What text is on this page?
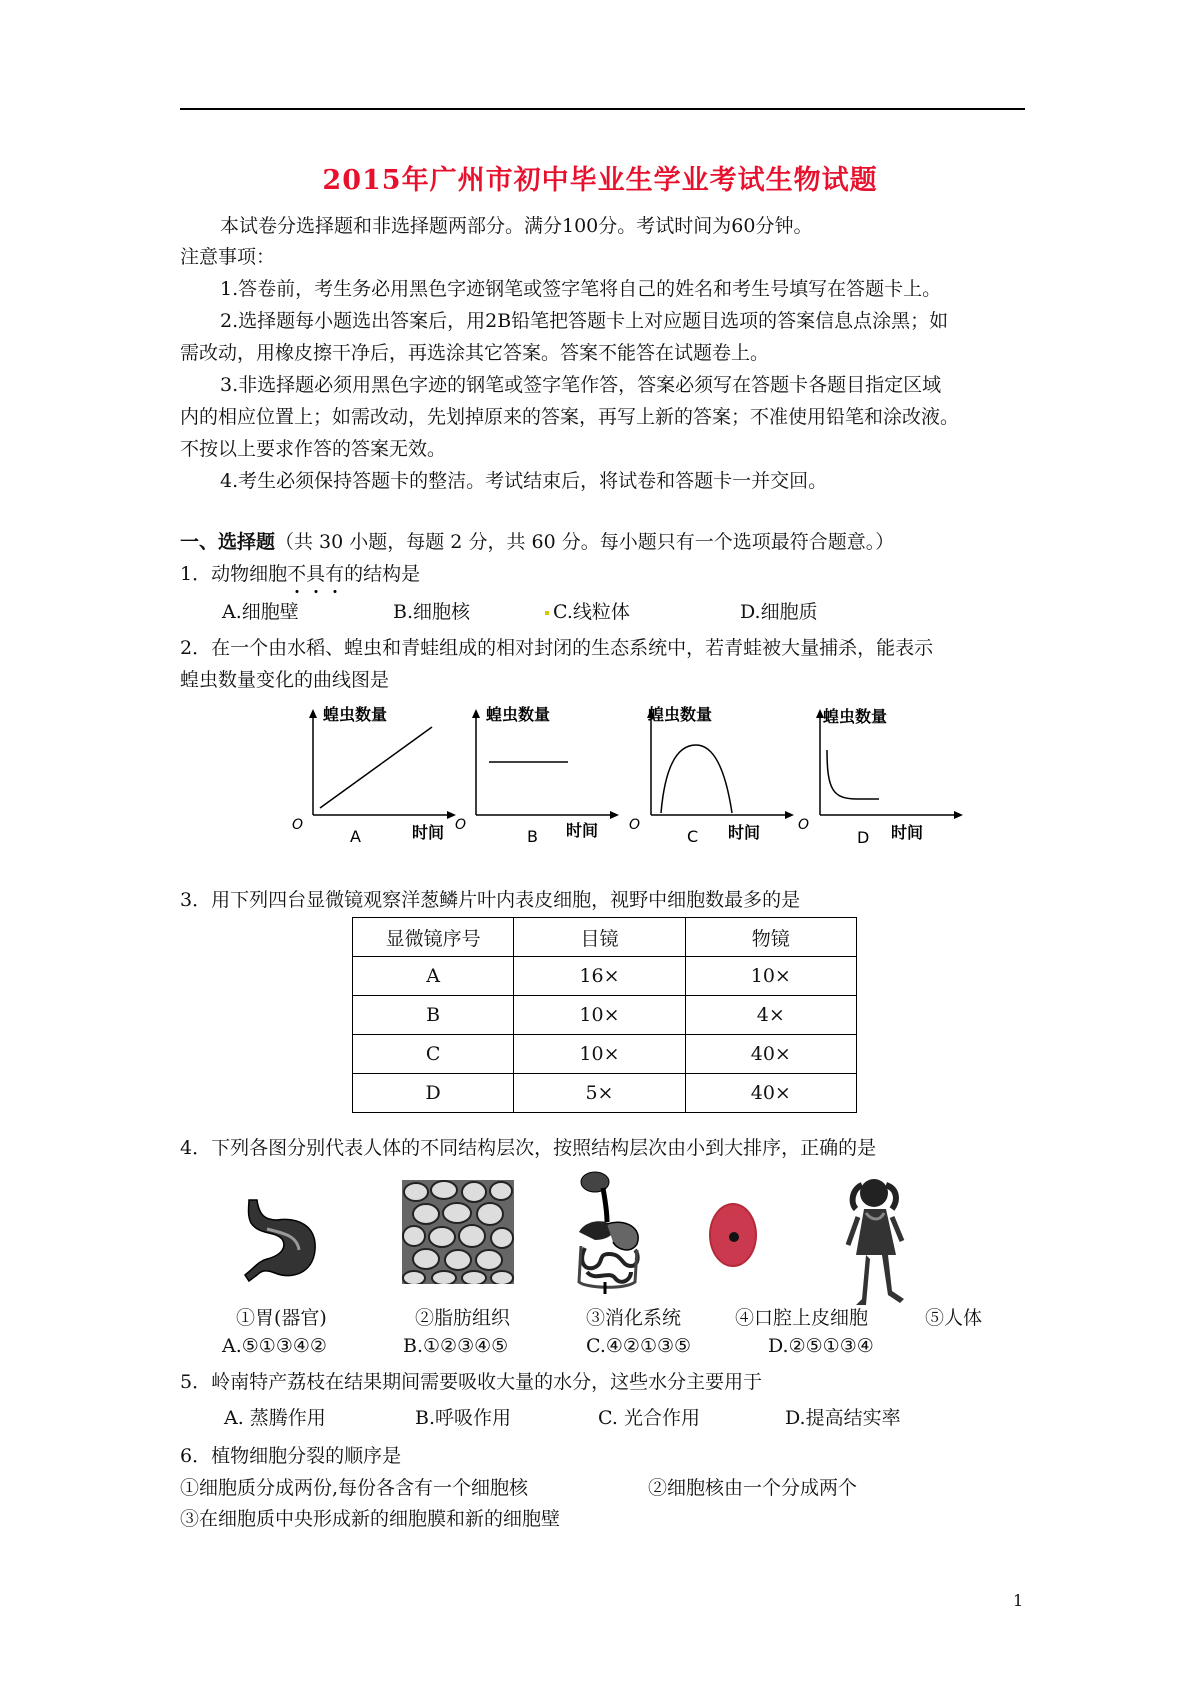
2015年广州市初中毕业生学业考试生物试题
本试卷分选择题和非选择题两部分。满分100分。考试时间为60分钟。
注意事项：
1.答卷前，考生务必用黑色字迹钢笔或签字笔将自己的姓名和考生号填写在答题卡上。
2.选择题每小题选出答案后，用2B铅笔把答题卡上对应题目选项的答案信息点涂黑；如
需改动，用橡皮擦干净后，再选涂其它答案。答案不能答在试题卷上。
3.非选择题必须用黑色字迹的钢笔或签字笔作答，答案必须写在答题卡各题目指定区域
内的相应位置上；如需改动，先划掉原来的答案，再写上新的答案；不准使用铅笔和涂改液。
不按以上要求作答的答案无效。
4.考生必须保持答题卡的整洁。考试结束后，将试卷和答题卡一并交回。
一、选择题（共 30 小题，每题 2 分，共 60 分。每小题只有一个选项最符合题意。）
1．动物细胞不具有的结构是
A.细胞壁	B.细胞核	C.线粒体	D.细胞质
2．在一个由水稻、蝗虫和青蛙组成的相对封闭的生态系统中，若青蛙被大量捕杀，能表示
蝗虫数量变化的曲线图是
蝗虫数量
O
A	时间
蝗虫数量
O
B 时间
蝗虫数量
O
C 时间
蝗虫数量
O
D 时间
3．用下列四台显微镜观察洋葱鳞片叶内表皮细胞，视野中细胞数最多的是
显微镜序号	目镜	物镜
A	16×	10×
B	10×	4×
C	10×	40×
D	5×	40×
4．下列各图分别代表人体的不同结构层次，按照结构层次由小到大排序，正确的是
①胃(器官)	②脂肪组织	③消化系统	④口腔上皮细胞	⑤人体
A.⑤①③④②	B.①②③④⑤	C.④②①③⑤	D.②⑤①③④
5．岭南特产荔枝在结果期间需要吸收大量的水分，这些水分主要用于
A. 蒸腾作用	B.呼吸作用	C. 光合作用	D.提高结实率
6．植物细胞分裂的顺序是
①细胞质分成两份,每份各含有一个细胞核	②细胞核由一个分成两个
③在细胞质中央形成新的细胞膜和新的细胞壁
1
